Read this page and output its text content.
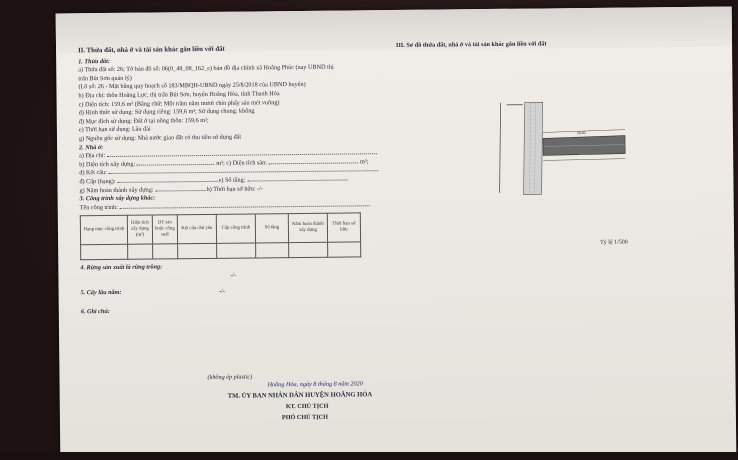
II. Thửa đất, nhà ở và tài sản khác gắn liền với đất
1. Thửa đất:
a) Thửa đất số: 26; Tờ bản đồ số: 06(0_48_08_162_e) bản đồ địa chính xã Hoằng Phúc (nay UBND thị
trấn Bút Sơn quản lý)
(Lô số: 26 - Mặt bằng quy hoạch số 183/MBQH-UBND ngày 25/8/2018 của UBND huyện)
b) Địa chỉ: thôn Hoằng Lực, thị trấn Bút Sơn, huyện Hoằng Hóa, tỉnh Thanh Hóa
c) Diện tích: 159,6 m² (Bằng chữ: Một trăm năm mươi chín phẩy sáu mét vuông)
d) Hình thức sử dụng: Sử dụng riêng: 159,6 m²; Sử dụng chung: không
đ) Mục đích sử dụng: Đất ở tại nông thôn: 159,6 m²;
e) Thời hạn sử dụng: Lâu dài
g) Nguồn gốc sử dụng: Nhà nước giao đất có thu tiền sử dụng đất
2. Nhà ở:
a) Địa chỉ:
b) Diện tích xây dựng:	m²; c) Diện tích sàn:	m²;
d) Kết cấu:
đ) Cấp (hạng):	e) Số tầng:
g) Năm hoàn thành xây dựng:	h) Thời hạn sở hữu: -/-
3. Công trình xây dựng khác:
Tên công trình:
Hạng mục công trình	Diện tích xây dựng (m²)	DT sàn hoặc công suất	Kết cấu chủ yếu	Cấp công trình	Số tầng	Năm hoàn thành xây dựng	Thời hạn sở hữu

4. Rừng sản xuất là rừng trồng:
-/-
5. Cây lâu năm:	-/-
6. Ghi chú:
III. Sơ đồ thửa đất, nhà ở và tài sản khác gắn liền với đất
20.00
20.00
Tỷ lệ 1/500
(không ép plastic)
Hoằng Hóa, ngày 8 tháng 8 năm 2020
TM. ỦY BAN NHÂN DÂN HUYỆN HOẰNG HÓA
KT. CHỦ TỊCH
PHÓ CHỦ TỊCH
